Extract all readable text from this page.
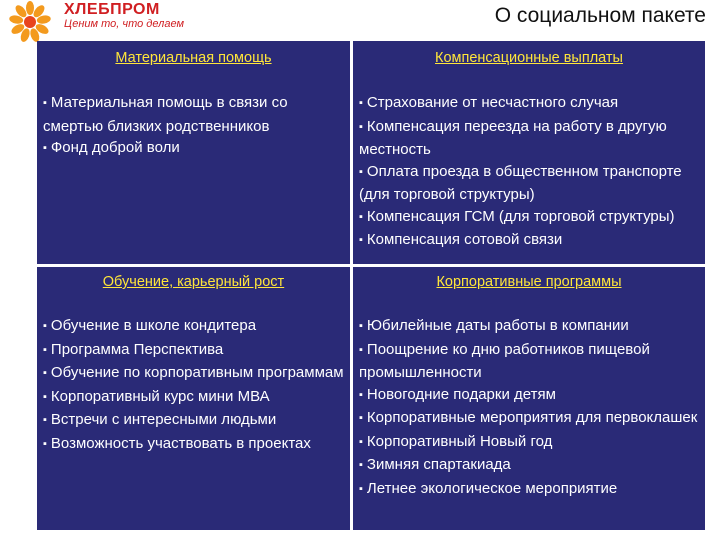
ХЛЕБПРОМ
Ценим то, что делаем	О социальном пакете
Материальная помощь
▪ Материальная помощь в связи со смертью близких родственников
▪ Фонд доброй воли
Компенсационные выплаты
▪ Страхование от несчастного случая
▪ Компенсация переезда на работу в другую местность
▪ Оплата проезда в общественном транспорте (для торговой структуры)
▪ Компенсация ГСМ (для торговой структуры)
▪ Компенсация сотовой связи
Обучение, карьерный рост
▪ Обучение в школе кондитера
▪ Программа Перспектива
▪ Обучение по корпоративным программам
▪ Корпоративный курс мини МВА
▪ Встречи с интересными людьми
▪ Возможность участвовать в проектах
Корпоративные программы
▪ Юбилейные даты работы в компании
▪ Поощрение ко дню работников пищевой промышленности
▪ Новогодние подарки детям
▪ Корпоративные мероприятия для первоклашек
▪ Корпоративный Новый год
▪ Зимняя спартакиада
▪ Летнее экологическое мероприятие
